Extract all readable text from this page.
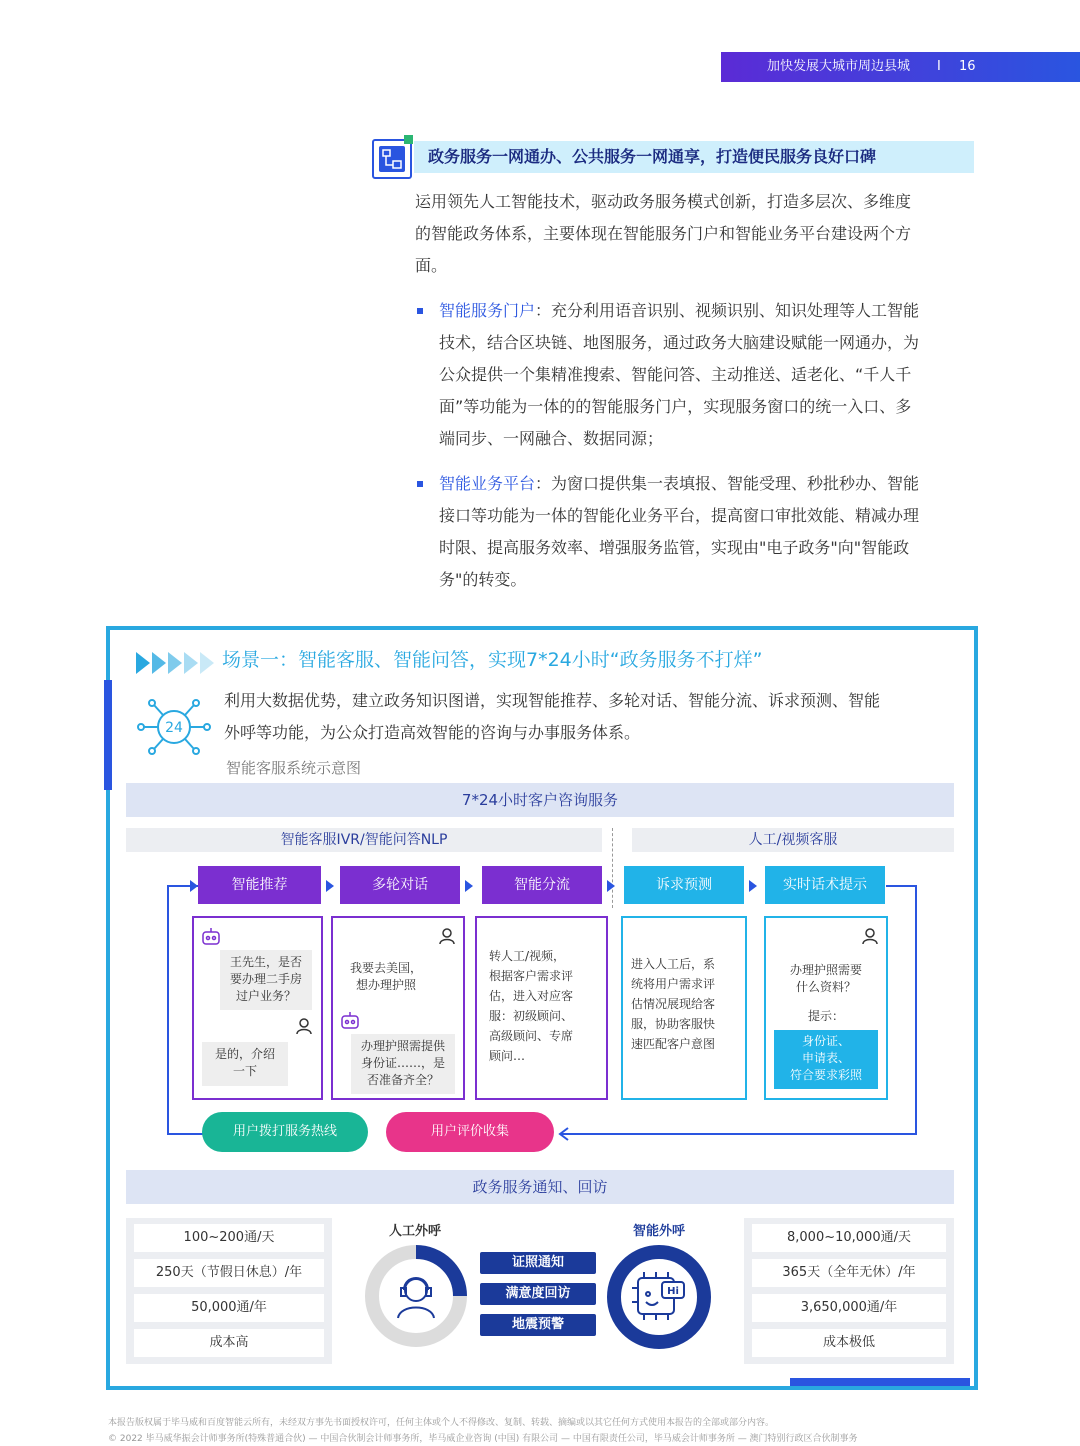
加快发展大城市周边县城 I 16
政务服务一网通办、公共服务一网通享，打造便民服务良好口碑
运用领先人工智能技术，驱动政务服务模式创新，打造多层次、多维度
的智能政务体系，主要体现在智能服务门户和智能业务平台建设两个方
面。
智能服务门户：充分利用语音识别、视频识别、知识处理等人工智能
技术，结合区块链、地图服务，通过政务大脑建设赋能一网通办，为
公众提供一个集精准搜索、智能问答、主动推送、适老化、“千人千
面”等功能为一体的的智能服务门户，实现服务窗口的统一入口、多
端同步、一网融合、数据同源；
智能业务平台：为窗口提供集一表填报、智能受理、秒批秒办、智能
接口等功能为一体的智能化业务平台，提高窗口审批效能、精减办理
时限、提高服务效率、增强服务监管，实现由"电子政务"向"智能政
务"的转变。
场景一：智能客服、智能问答，实现7*24小时“政务服务不打烊”
24
利用大数据优势，建立政务知识图谱，实现智能推荐、多轮对话、智能分流、诉求预测、智能
外呼等功能，为公众打造高效智能的咨询与办事服务体系。
智能客服系统示意图
7*24小时客户咨询服务
智能客服IVR/智能问答NLP	人工/视频客服
智能推荐	多轮对话	智能分流	诉求预测	实时话术提示
王先生，是否
要办理二手房
过户业务？
是的，介绍
一下
我要去美国，
想办理护照
办理护照需提供
身份证……，是
否准备齐全？
转人工/视频，
根据客户需求评
估，进入对应客
服：初级顾问、
高级顾问、专席
顾问…
进入人工后，系
统将用户需求评
估情况展现给客
服，协助客服快
速匹配客户意图
办理护照需要
什么资料？
提示：
身份证、
申请表、
符合要求彩照
用户拨打服务热线	用户评价收集
政务服务通知、回访
100~200通/天
250天（节假日休息）/年
50,000通/年
成本高
人工外呼
证照通知
满意度回访
地震预警
智能外呼
Hi
8,000~10,000通/天
365天（全年无休）/年
3,650,000通/年
成本极低
本报告版权属于毕马威和百度智能云所有，未经双方事先书面授权许可，任何主体或个人不得修改、复制、转载、摘编或以其它任何方式使用本报告的全部或部分内容。
© 2022 毕马威华振会计师事务所(特殊普通合伙) — 中国合伙制会计师事务所，毕马威企业咨询 (中国) 有限公司 — 中国有限责任公司，毕马威会计师事务所 — 澳门特别行政区合伙制事务
